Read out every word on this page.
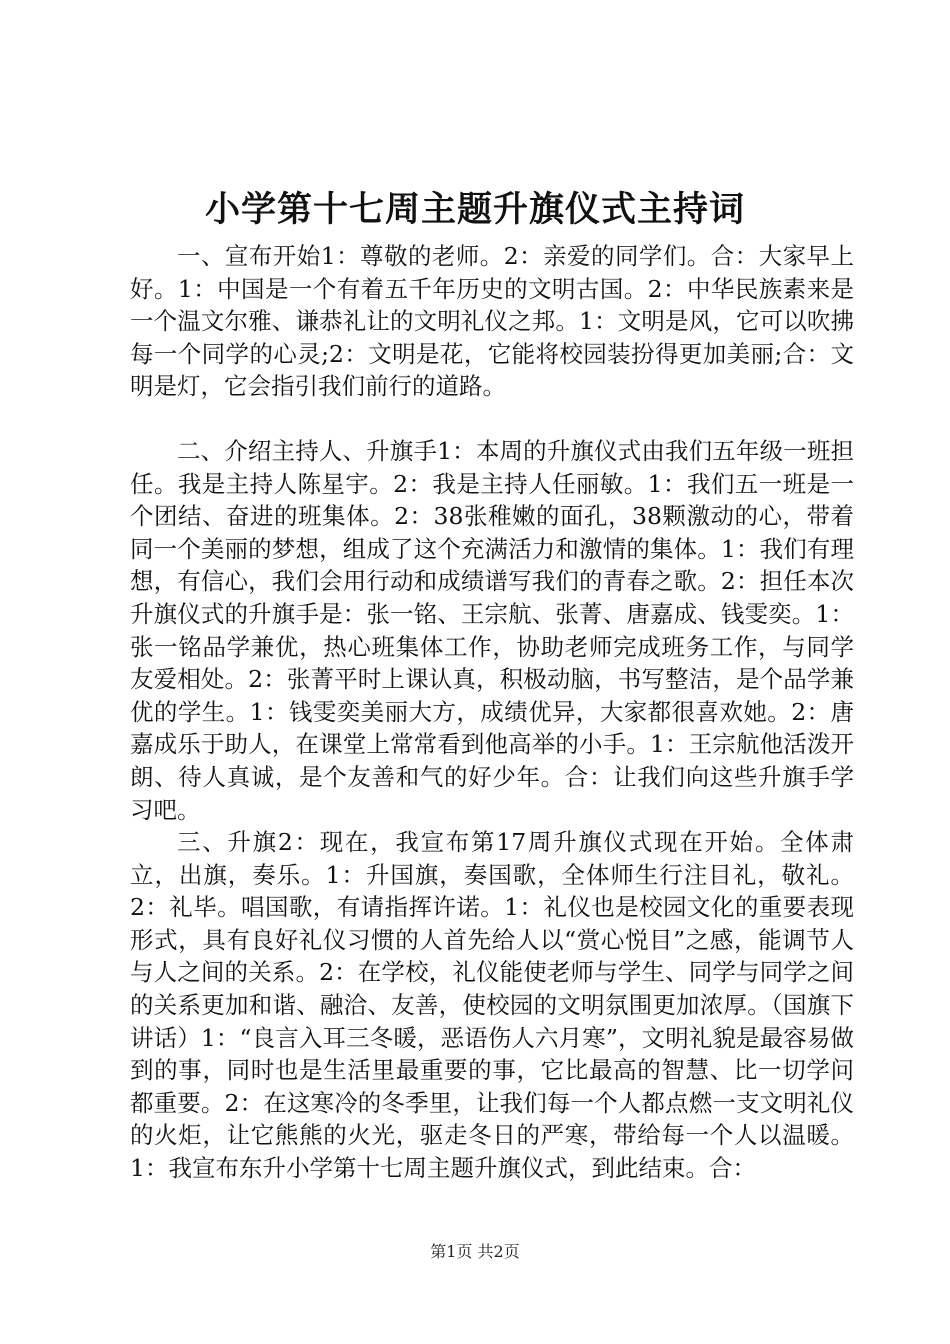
小学第十七周主题升旗仪式主持词

一、宣布开始1：尊敬的老师。2：亲爱的同学们。合：大家早上好。1：中国是一个有着五千年历史的文明古国。2：中华民族素来是一个温文尔雅、谦恭礼让的文明礼仪之邦。1：文明是风，它可以吹拂每一个同学的心灵;2：文明是花，它能将校园装扮得更加美丽;合：文明是灯，它会指引我们前行的道路。

二、介绍主持人、升旗手1：本周的升旗仪式由我们五年级一班担任。我是主持人陈星宇。2：我是主持人任丽敏。1：我们五一班是一个团结、奋进的班集体。2：38张稚嫩的面孔，38颗激动的心，带着同一个美丽的梦想，组成了这个充满活力和激情的集体。1：我们有理想，有信心，我们会用行动和成绩谱写我们的青春之歌。2：担任本次升旗仪式的升旗手是：张一铭、王宗航、张菁、唐嘉成、钱雯奕。1：张一铭品学兼优，热心班集体工作，协助老师完成班务工作，与同学友爱相处。2：张菁平时上课认真，积极动脑，书写整洁，是个品学兼优的学生。1：钱雯奕美丽大方，成绩优异，大家都很喜欢她。2：唐嘉成乐于助人，在课堂上常常看到他高举的小手。1：王宗航他活泼开朗、待人真诚，是个友善和气的好少年。合：让我们向这些升旗手学习吧。

三、升旗2：现在，我宣布第17周升旗仪式现在开始。全体肃立，出旗，奏乐。1：升国旗，奏国歌，全体师生行注目礼，敬礼。2：礼毕。唱国歌，有请指挥许诺。1：礼仪也是校园文化的重要表现形式，具有良好礼仪习惯的人首先给人以“赏心悦目”之感，能调节人与人之间的关系。2：在学校，礼仪能使老师与学生、同学与同学之间的关系更加和谐、融洽、友善，使校园的文明氛围更加浓厚。（国旗下讲话）1：“良言入耳三冬暖，恶语伤人六月寒”，文明礼貌是最容易做到的事，同时也是生活里最重要的事，它比最高的智慧、比一切学问都重要。2：在这寒冷的冬季里，让我们每一个人都点燃一支文明礼仪的火炬，让它熊熊的火光，驱走冬日的严寒，带给每一个人以温暖。1：我宣布东升小学第十七周主题升旗仪式，到此结束。合：

第1页 共2页
